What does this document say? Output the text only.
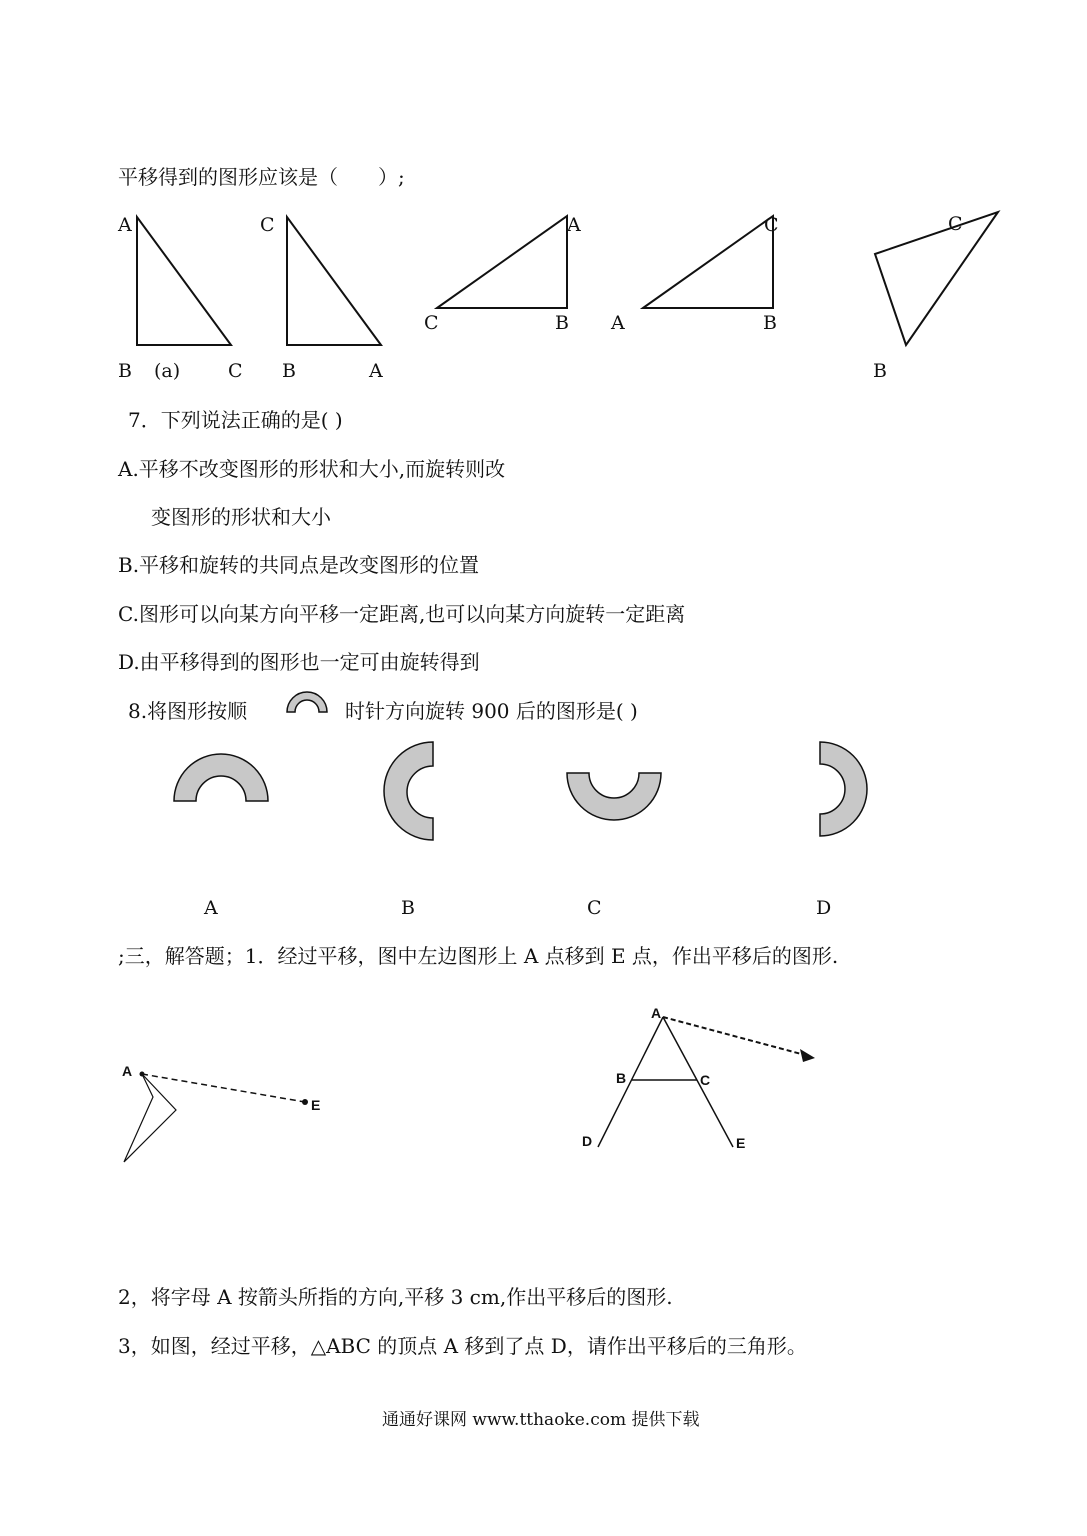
平移得到的图形应该是（　　）;
A
B (a)	C
C
B	A
A
C	B
C
A	B
C
B
7．下列说法正确的是( )
A.平移不改变图形的形状和大小,而旋转则改
变图形的形状和大小
B.平移和旋转的共同点是改变图形的位置
C.图形可以向某方向平移一定距离,也可以向某方向旋转一定距离
D.由平移得到的图形也一定可由旋转得到
8.将图形按顺	时针方向旋转 900 后的图形是( )
A	B	C	D
;三，解答题；1．经过平移，图中左边图形上 A 点移到 E 点，作出平移后的图形.
A
E
A
B	C
D	E
2，将字母 A 按箭头所指的方向,平移 3 cm,作出平移后的图形.
3，如图，经过平移，△ABC 的顶点 A 移到了点 D，请作出平移后的三角形。
通通好课网 www.tthaoke.com 提供下载
